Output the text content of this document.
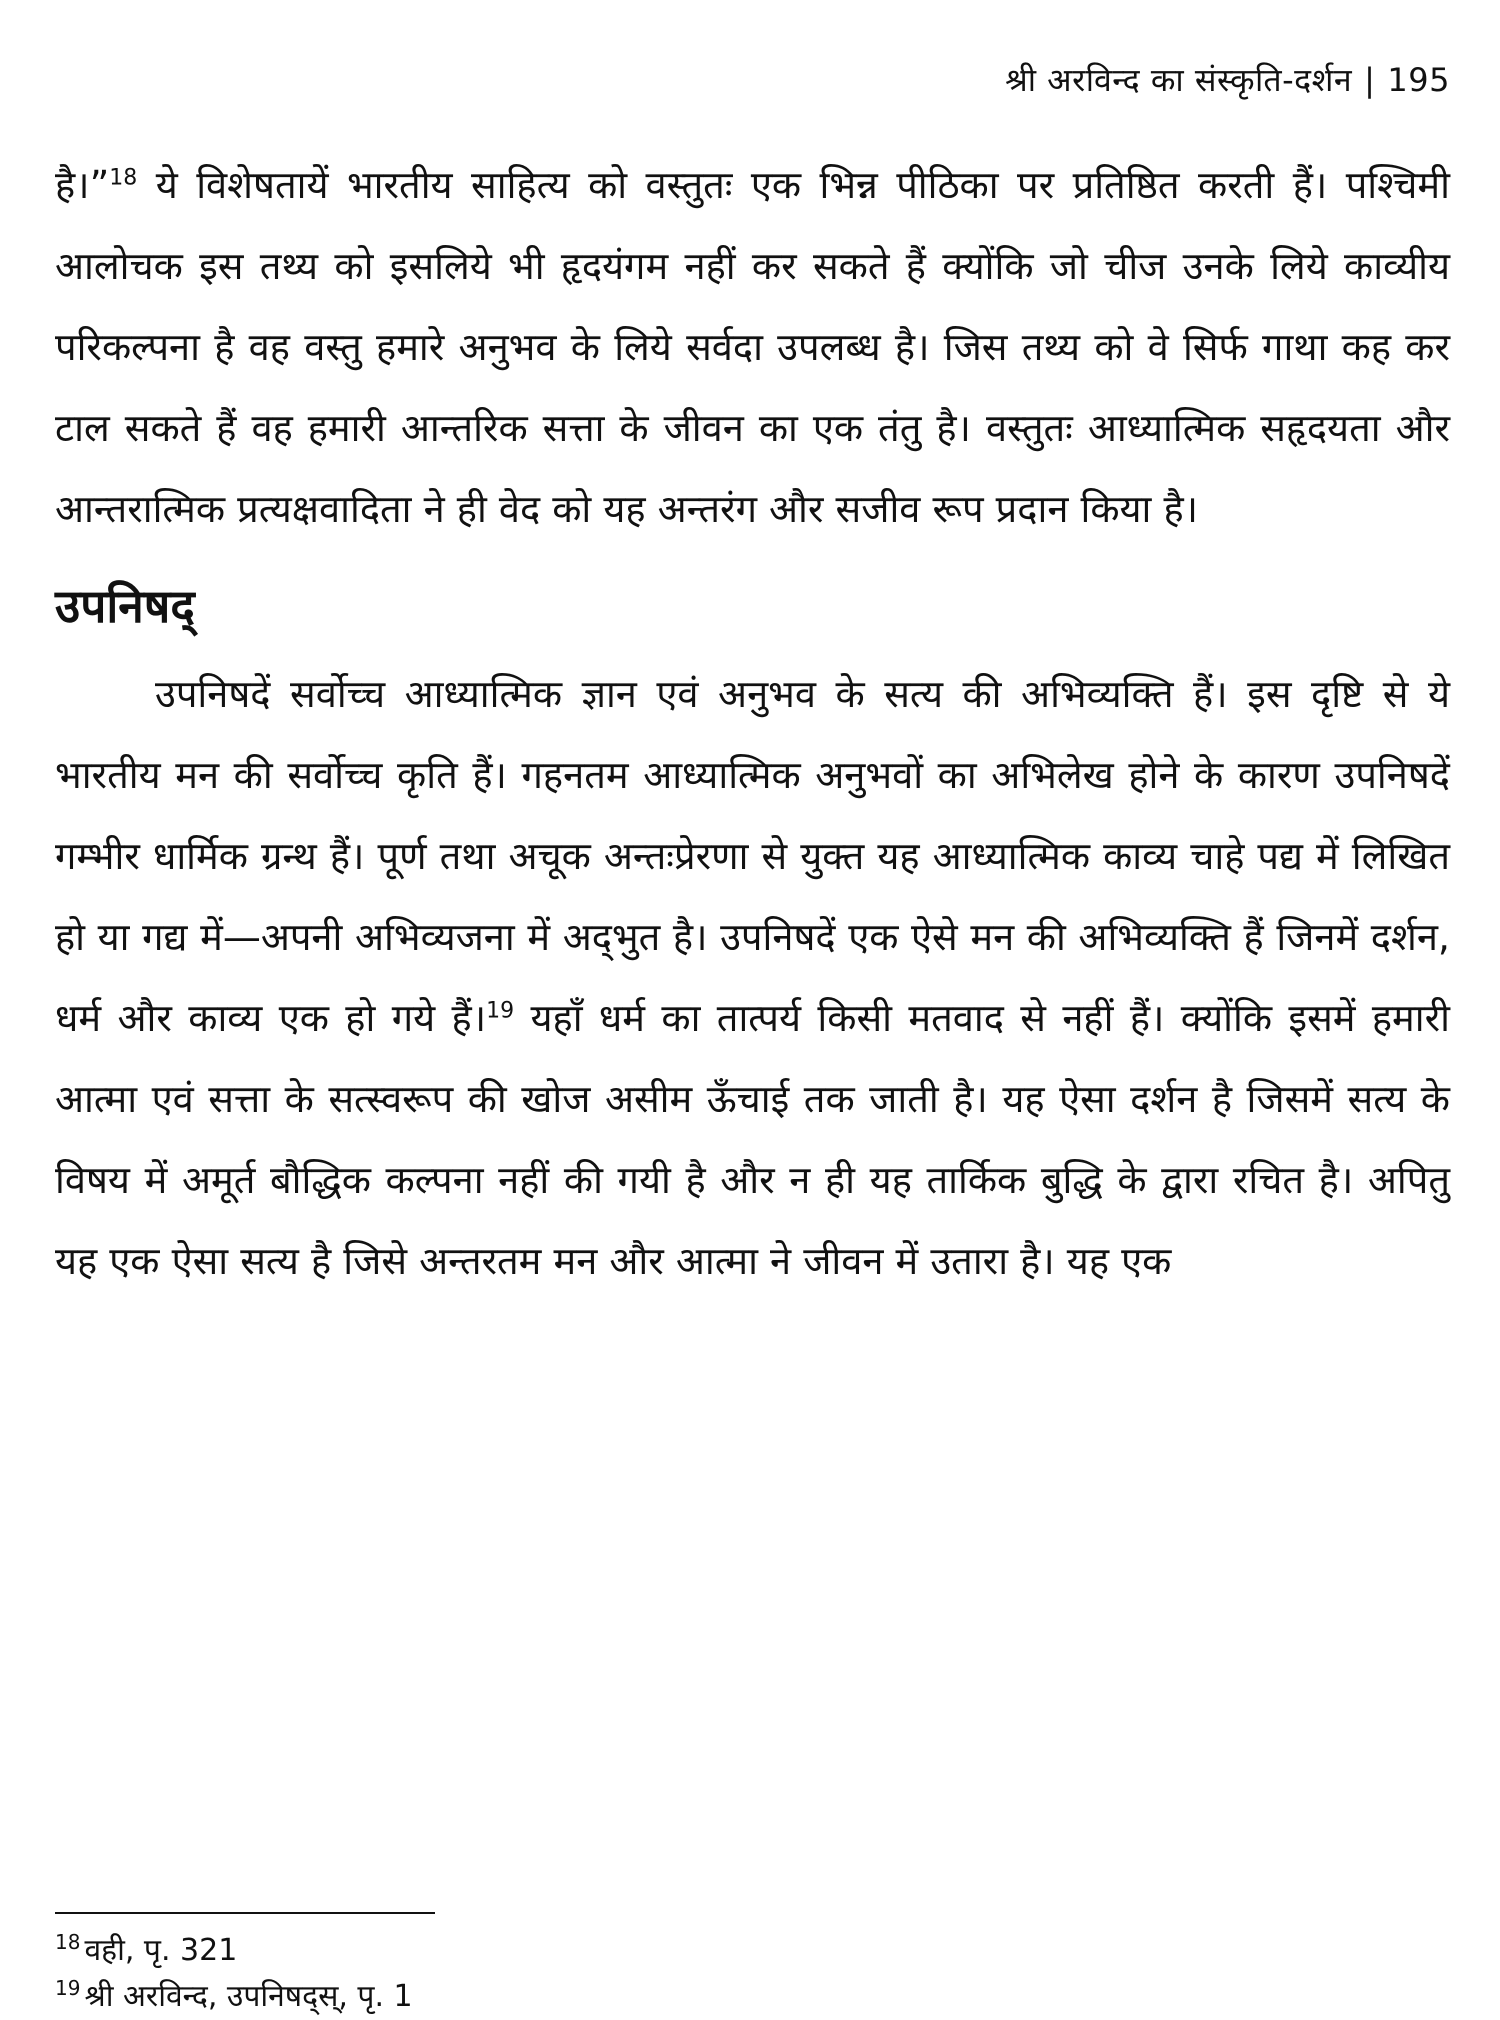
श्री अरविन्द का संस्कृति-दर्शन | 195

है।”$^{18}$ ये विशेषतायें भारतीय साहित्य को वस्तुतः एक भिन्न पीठिका पर प्रतिष्ठित करती हैं। पश्चिमी आलोचक इस तथ्य को इसलिये भी हृदयंगम नहीं कर सकते हैं क्योंकि जो चीज उनके लिये काव्यीय परिकल्पना है वह वस्तु हमारे अनुभव के लिये सर्वदा उपलब्ध है। जिस तथ्य को वे सिर्फ गाथा कह कर टाल सकते हैं वह हमारी आन्तरिक सत्ता के जीवन का एक तंतु है। वस्तुतः आध्यात्मिक सहृदयता और आन्तरात्मिक प्रत्यक्षवादिता ने ही वेद को यह अन्तरंग और सजीव रूप प्रदान किया है।

उपनिषद्

उपनिषदें सर्वोच्च आध्यात्मिक ज्ञान एवं अनुभव के सत्य की अभिव्यक्ति हैं। इस दृष्टि से ये भारतीय मन की सर्वोच्च कृति हैं। गहनतम आध्यात्मिक अनुभवों का अभिलेख होने के कारण उपनिषदें गम्भीर धार्मिक ग्रन्थ हैं। पूर्ण तथा अचूक अन्तःप्रेरणा से युक्त यह आध्यात्मिक काव्य चाहे पद्य में लिखित हो या गद्य में—अपनी अभिव्यजना में अद्‌भुत है। उपनिषदें एक ऐसे मन की अभिव्यक्ति हैं जिनमें दर्शन, धर्म और काव्य एक हो गये हैं।$^{19}$ यहाँ धर्म का तात्पर्य किसी मतवाद से नहीं हैं। क्योंकि इसमें हमारी आत्मा एवं सत्ता के सत्स्वरूप की खोज असीम ऊँचाई तक जाती है। यह ऐसा दर्शन है जिसमें सत्य के विषय में अमूर्त बौद्धिक कल्पना नहीं की गयी है और न ही यह तार्किक बुद्धि के द्वारा रचित है। अपितु यह एक ऐसा सत्य है जिसे अन्तरतम मन और आत्मा ने जीवन में उतारा है। यह एक

$^{18}$ वही, पृ. 321
$^{19}$ श्री अरविन्द, उपनिषद्स्, पृ. 1
